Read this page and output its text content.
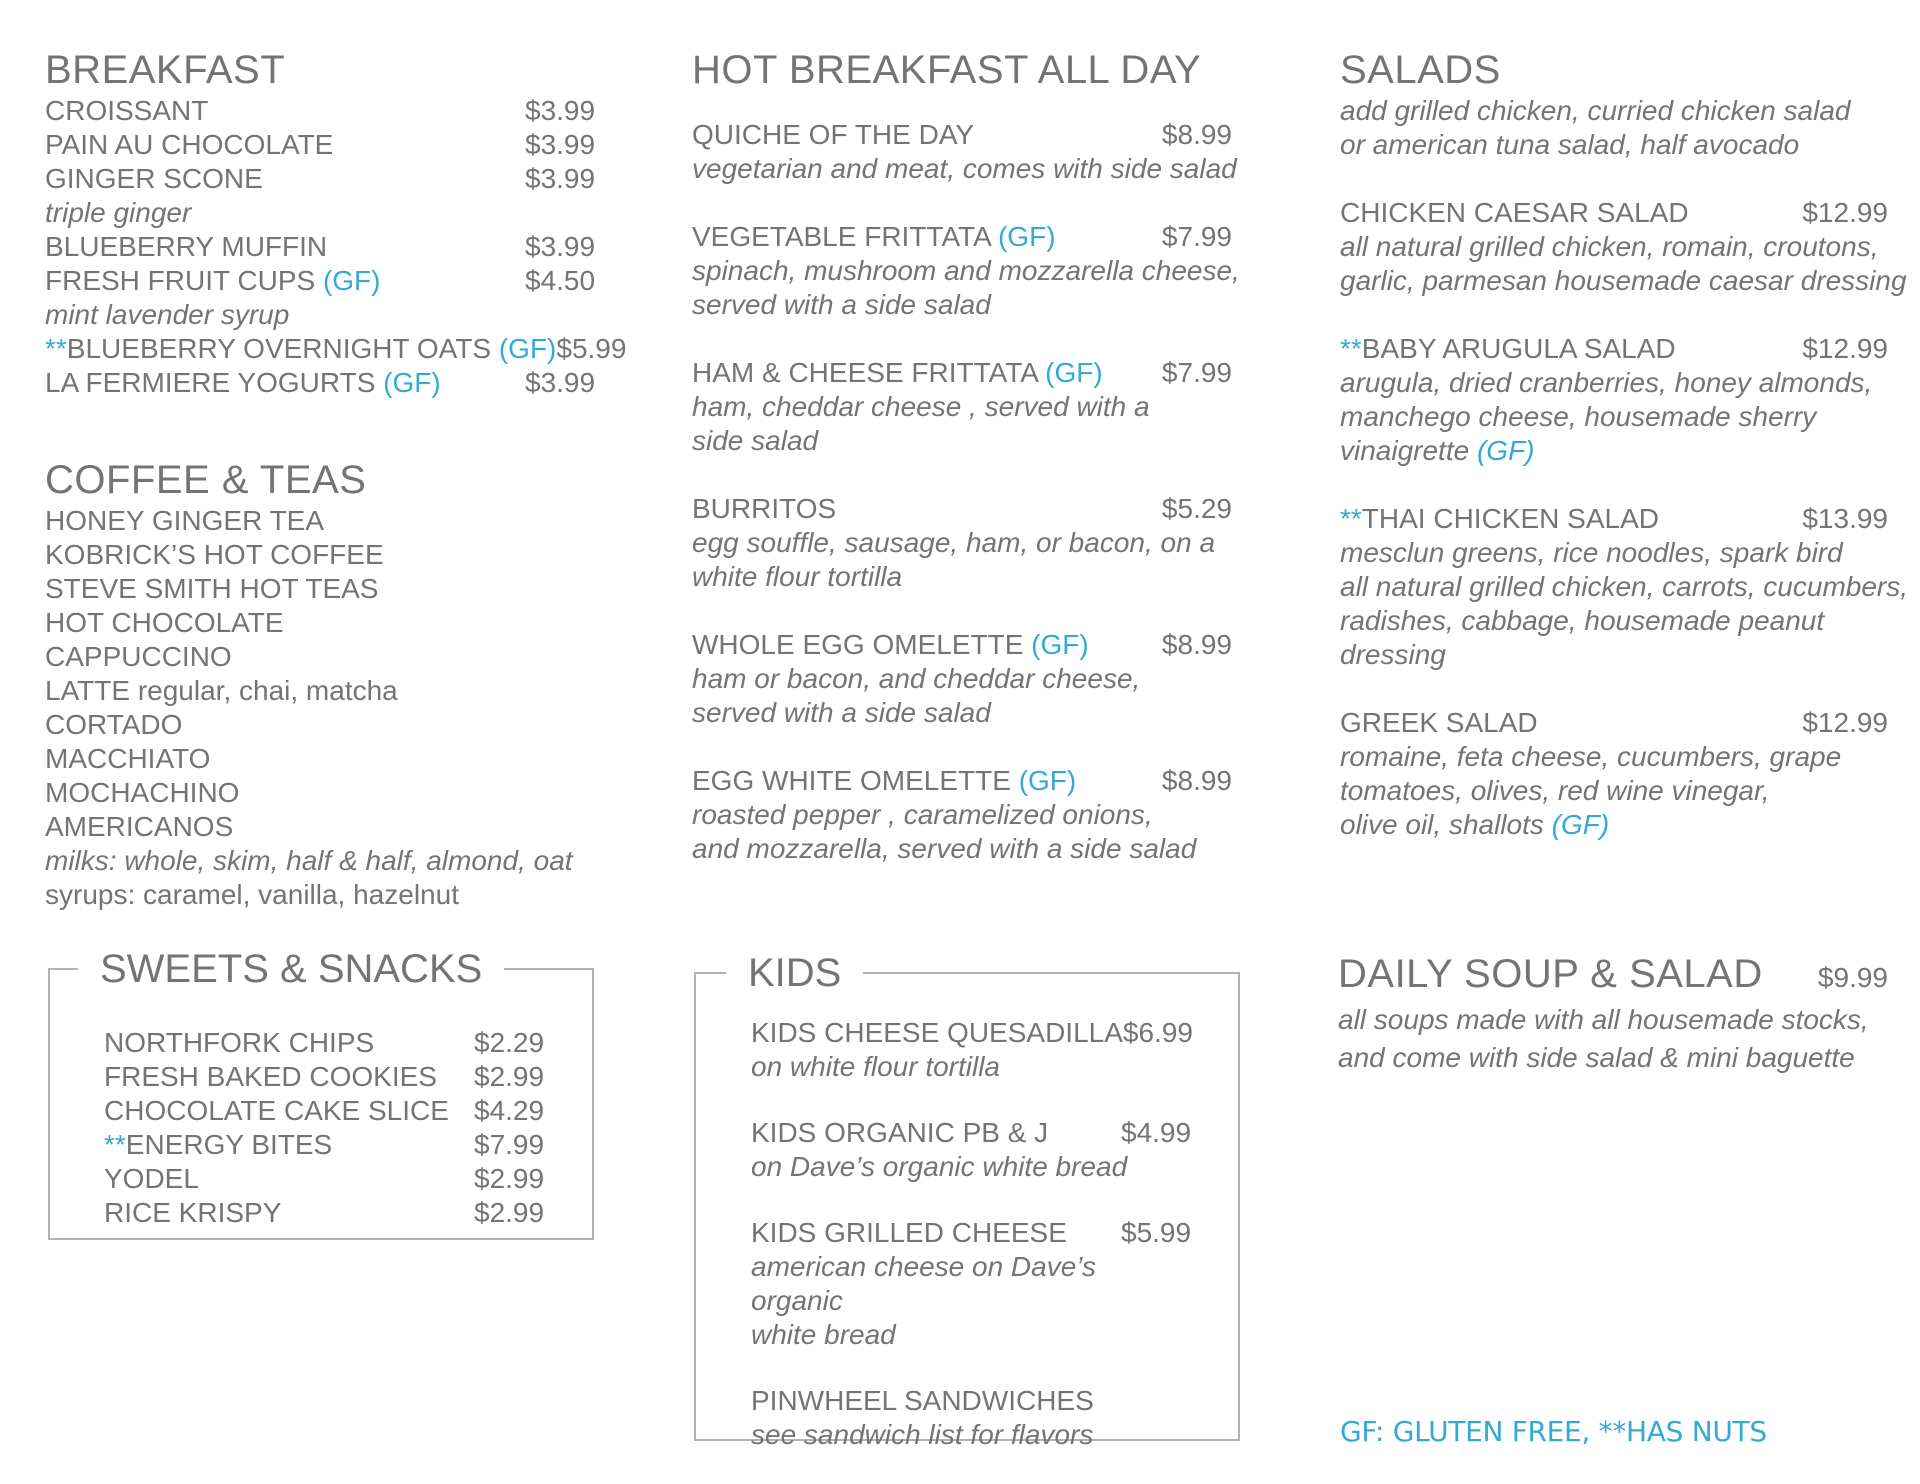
BREAKFAST
CROISSANT	$3.99
PAIN AU CHOCOLATE	$3.99
GINGER SCONE	$3.99
triple ginger
BLUEBERRY MUFFIN	$3.99
FRESH FRUIT CUPS (GF)	$4.50
mint lavender syrup
**BLUEBERRY OVERNIGHT OATS (GF) $5.99
LA FERMIERE YOGURTS (GF)	$3.99
COFFEE & TEAS
HONEY GINGER TEA
KOBRICK’S HOT COFFEE
STEVE SMITH HOT TEAS
HOT CHOCOLATE
CAPPUCCINO
LATTE regular, chai, matcha
CORTADO
MACCHIATO
MOCHACHINO
AMERICANOS
milks: whole, skim, half & half, almond, oat
syrups: caramel, vanilla, hazelnut
SWEETS & SNACKS
NORTHFORK CHIPS	$2.29
FRESH BAKED COOKIES $2.99
CHOCOLATE CAKE SLICE $4.29
**ENERGY BITES	$7.99
YODEL	$2.99
RICE KRISPY	$2.99
HOT BREAKFAST ALL DAY
QUICHE OF THE DAY	$8.99
vegetarian and meat, comes with side salad
VEGETABLE FRITTATA (GF)	$7.99
spinach, mushroom and mozzarella cheese,
served with a side salad
HAM & CHEESE FRITTATA (GF) $7.99
ham, cheddar cheese , served with a
side salad
BURRITOS	$5.29
egg souffle, sausage, ham, or bacon, on a
white flour tortilla
WHOLE EGG OMELETTE (GF)	$8.99
ham or bacon, and cheddar cheese,
served with a side salad
EGG WHITE OMELETTE (GF)	$8.99
roasted pepper , caramelized onions,
and mozzarella, served with a side salad
KIDS
KIDS CHEESE QUESADILLA $6.99
on white flour tortilla
KIDS ORGANIC PB & J	$4.99
on Dave’s organic white bread
KIDS GRILLED CHEESE $5.99
american cheese on Dave’s organic
white bread
PINWHEEL SANDWICHES
see sandwich list for flavors
SALADS
add grilled chicken, curried chicken salad
or american tuna salad, half avocado
CHICKEN CAESAR SALAD	$12.99
all natural grilled chicken, romain, croutons,
garlic, parmesan housemade caesar dressing
**BABY ARUGULA SALAD	$12.99
arugula, dried cranberries, honey almonds,
manchego cheese, housemade sherry
vinaigrette (GF)
**THAI CHICKEN SALAD	$13.99
mesclun greens, rice noodles, spark bird
all natural grilled chicken, carrots, cucumbers,
radishes, cabbage, housemade peanut
dressing
GREEK SALAD	$12.99
romaine, feta cheese, cucumbers, grape
tomatoes, olives, red wine vinegar,
olive oil, shallots (GF)
DAILY SOUP & SALAD $9.99
all soups made with all housemade stocks,
and come with side salad & mini baguette
GF: GLUTEN FREE, **HAS NUTS
